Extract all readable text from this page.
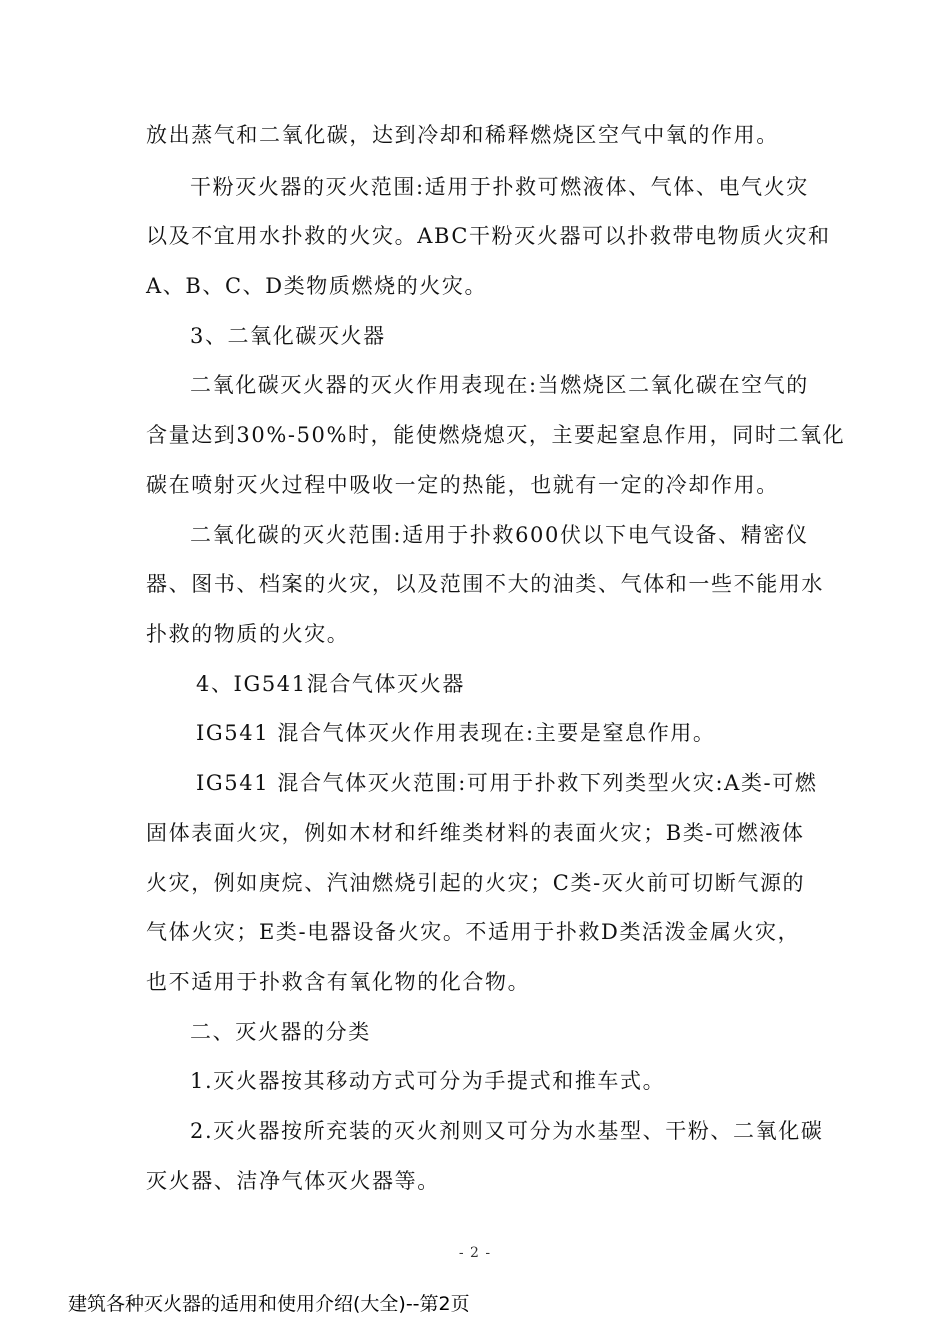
放出蒸气和二氧化碳，达到冷却和稀释燃烧区空气中氧的作用。
干粉灭火器的灭火范围:适用于扑救可燃液体、气体、电气火灾
以及不宜用水扑救的火灾。ABC干粉灭火器可以扑救带电物质火灾和
A、B、C、D类物质燃烧的火灾。
3、二氧化碳灭火器
二氧化碳灭火器的灭火作用表现在:当燃烧区二氧化碳在空气的
含量达到30%-50%时，能使燃烧熄灭，主要起窒息作用，同时二氧化
碳在喷射灭火过程中吸收一定的热能，也就有一定的冷却作用。
二氧化碳的灭火范围:适用于扑救600伏以下电气设备、精密仪
器、图书、档案的火灾，以及范围不大的油类、气体和一些不能用水
扑救的物质的火灾。
4、IG541混合气体灭火器
IG541 混合气体灭火作用表现在:主要是窒息作用。
IG541 混合气体灭火范围:可用于扑救下列类型火灾:A类-可燃
固体表面火灾，例如木材和纤维类材料的表面火灾；B类-可燃液体
火灾，例如庚烷、汽油燃烧引起的火灾；C类-灭火前可切断气源的
气体火灾；E类-电器设备火灾。不适用于扑救D类活泼金属火灾，
也不适用于扑救含有氧化物的化合物。
二、灭火器的分类
1.灭火器按其移动方式可分为手提式和推车式。
2.灭火器按所充装的灭火剂则又可分为水基型、干粉、二氧化碳
灭火器、洁净气体灭火器等。
- 2 -
建筑各种灭火器的适用和使用介绍(大全)--第2页
